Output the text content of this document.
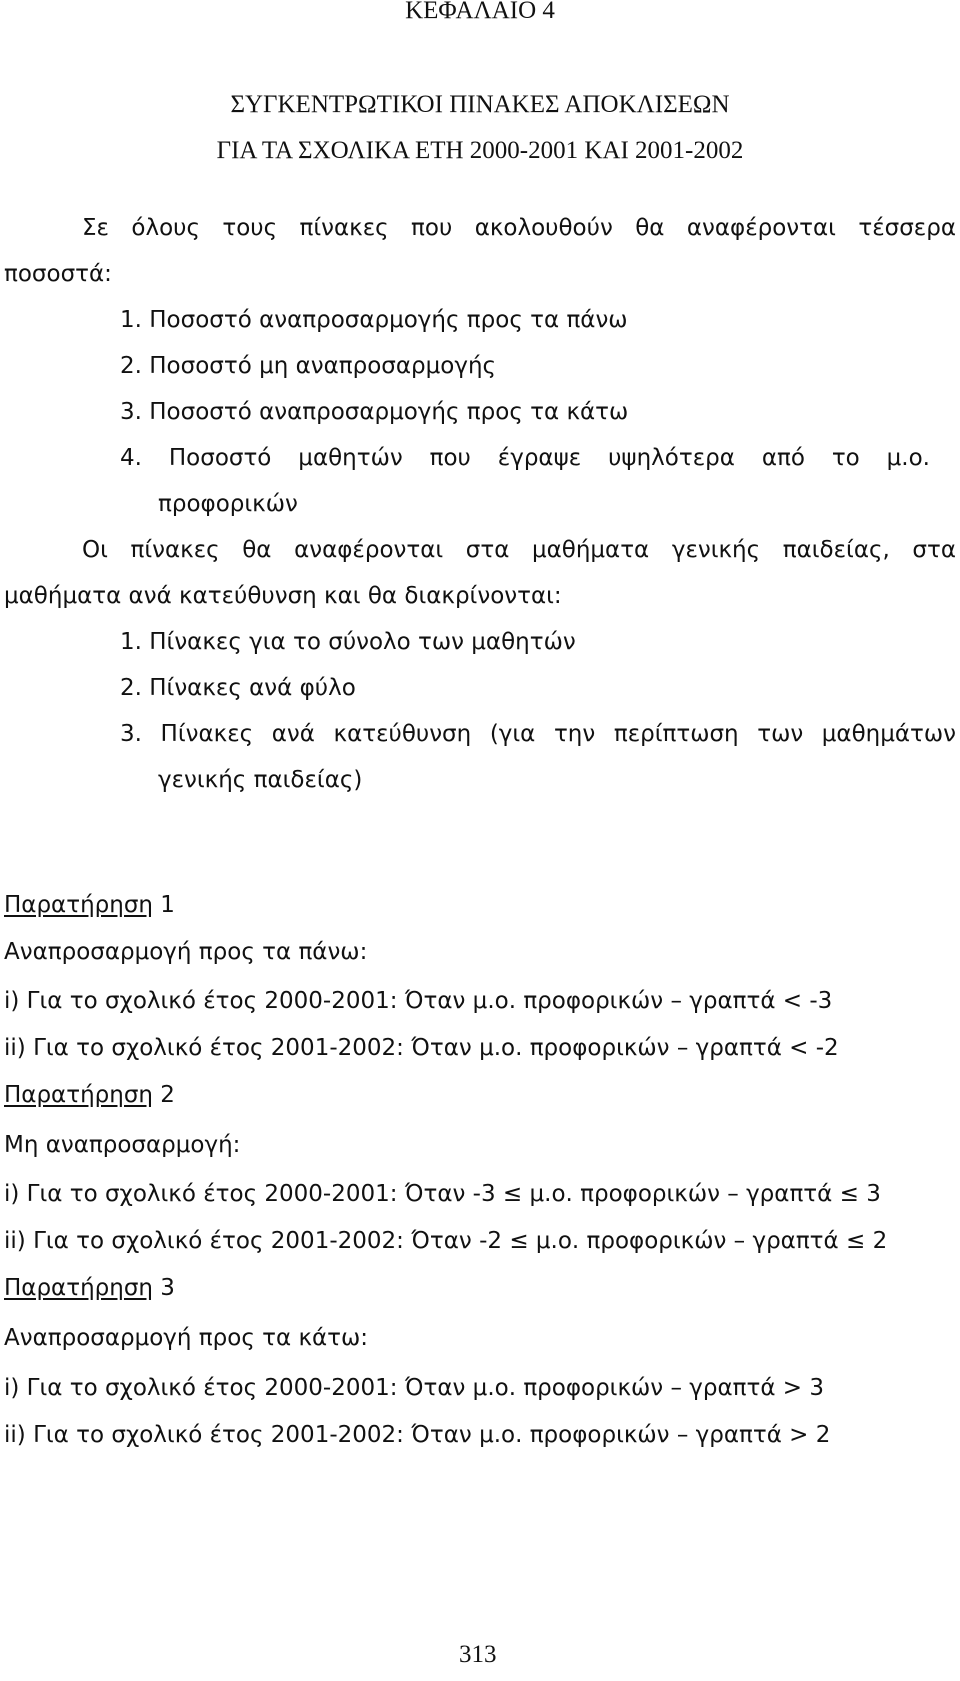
ΚΕΦΑΛΑΙΟ 4
ΣΥΓΚΕΝΤΡΩΤΙΚΟΙ ΠΙΝΑΚΕΣ ΑΠΟΚΛΙΣΕΩΝ
ΓΙΑ ΤΑ ΣΧΟΛΙΚΑ ΕΤΗ 2000-2001 ΚΑΙ 2001-2002
Σε όλους τους πίνακες που ακολουθούν θα αναφέρονται τέσσερα
ποσοστά:
1. Ποσοστό αναπροσαρμογής προς τα πάνω
2. Ποσοστό μη αναπροσαρμογής
3. Ποσοστό αναπροσαρμογής προς τα κάτω
4. Ποσοστό μαθητών που έγραψε υψηλότερα από το μ.ο.
προφορικών
Οι πίνακες θα αναφέρονται στα μαθήματα γενικής παιδείας, στα
μαθήματα ανά κατεύθυνση και θα διακρίνονται:
1. Πίνακες για το σύνολο των μαθητών
2. Πίνακες ανά φύλο
3. Πίνακες ανά κατεύθυνση (για την περίπτωση των μαθημάτων
γενικής παιδείας)
Παρατήρηση 1
Αναπροσαρμογή προς τα πάνω:
i) Για το σχολικό έτος 2000-2001: Όταν μ.ο. προφορικών – γραπτά < -3
ii) Για το σχολικό έτος 2001-2002: Όταν μ.ο. προφορικών – γραπτά < -2
Παρατήρηση 2
Μη αναπροσαρμογή:
i) Για το σχολικό έτος 2000-2001: Όταν -3 ≤ μ.ο. προφορικών – γραπτά ≤ 3
ii) Για το σχολικό έτος 2001-2002: Όταν -2 ≤ μ.ο. προφορικών – γραπτά ≤ 2
Παρατήρηση 3
Αναπροσαρμογή προς τα κάτω:
i) Για το σχολικό έτος 2000-2001: Όταν μ.ο. προφορικών – γραπτά > 3
ii) Για το σχολικό έτος 2001-2002: Όταν μ.ο. προφορικών – γραπτά > 2
313
